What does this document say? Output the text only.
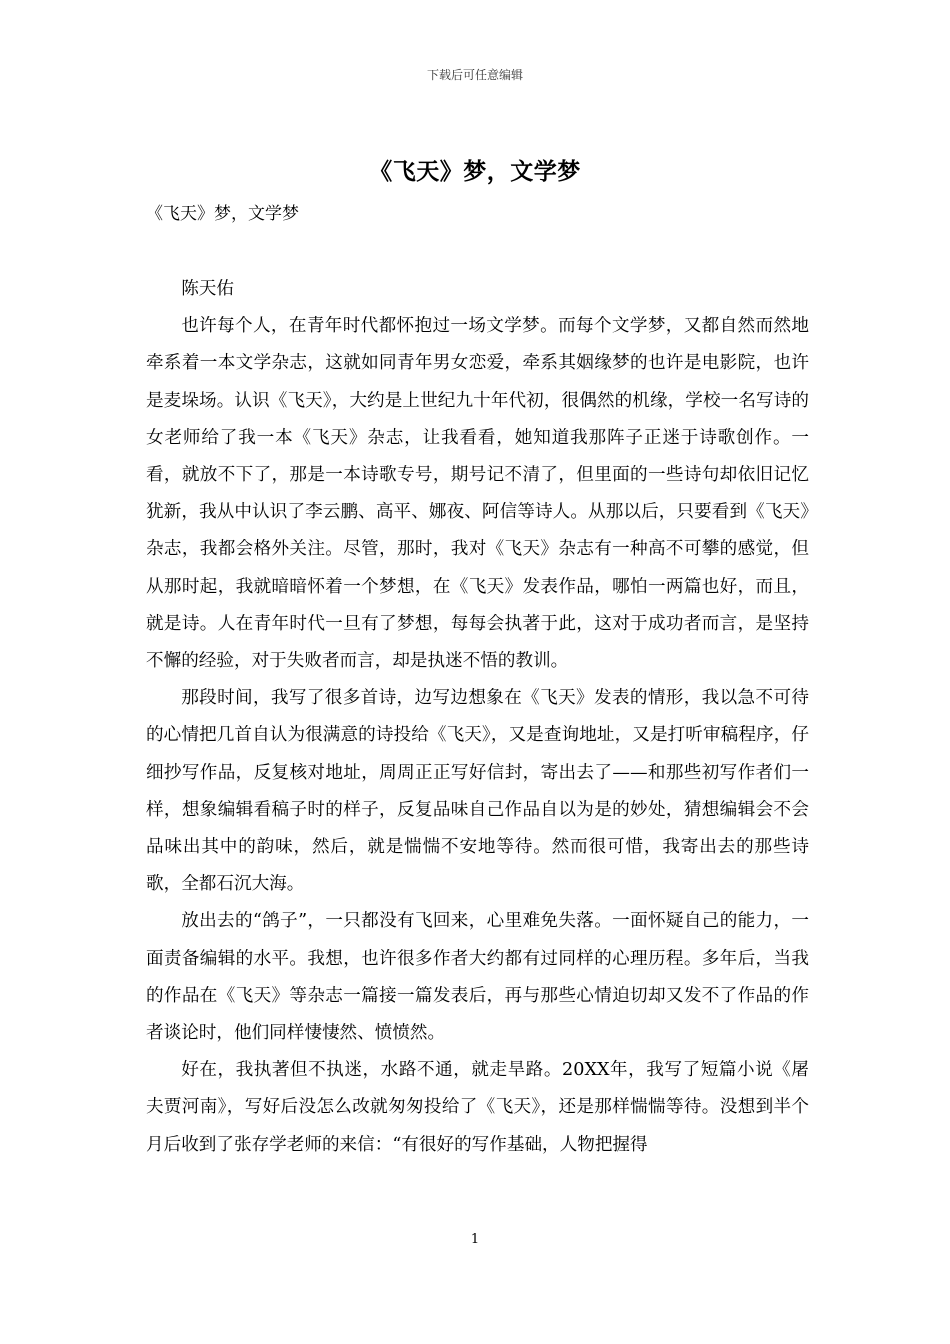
下载后可任意编辑
《飞天》梦，文学梦
《飞天》梦，文学梦

陈天佑

也许每个人，在青年时代都怀抱过一场文学梦。而每个文学梦，又都自然而然地牵系着一本文学杂志，这就如同青年男女恋爱，牵系其姻缘梦的也许是电影院，也许是麦垛场。认识《飞天》，大约是上世纪九十年代初，很偶然的机缘，学校一名写诗的女老师给了我一本《飞天》杂志，让我看看，她知道我那阵子正迷于诗歌创作。一看，就放不下了，那是一本诗歌专号，期号记不清了，但里面的一些诗句却依旧记忆犹新，我从中认识了李云鹏、高平、娜夜、阿信等诗人。从那以后，只要看到《飞天》杂志，我都会格外关注。尽管，那时，我对《飞天》杂志有一种高不可攀的感觉，但从那时起，我就暗暗怀着一个梦想，在《飞天》发表作品，哪怕一两篇也好，而且，就是诗。人在青年时代一旦有了梦想，每每会执著于此，这对于成功者而言，是坚持不懈的经验，对于失败者而言，却是执迷不悟的教训。

那段时间，我写了很多首诗，边写边想象在《飞天》发表的情形，我以急不可待的心情把几首自认为很满意的诗投给《飞天》，又是查询地址，又是打听审稿程序，仔细抄写作品，反复核对地址，周周正正写好信封，寄出去了——和那些初写作者们一样，想象编辑看稿子时的样子，反复品味自己作品自以为是的妙处，猜想编辑会不会品味出其中的韵味，然后，就是惴惴不安地等待。然而很可惜，我寄出去的那些诗歌，全都石沉大海。

放出去的“鸽子”，一只都没有飞回来，心里难免失落。一面怀疑自己的能力，一面责备编辑的水平。我想，也许很多作者大约都有过同样的心理历程。多年后，当我的作品在《飞天》等杂志一篇接一篇发表后，再与那些心情迫切却又发不了作品的作者谈论时，他们同样悽悽然、愤愤然。

好在，我执著但不执迷，水路不通，就走旱路。20XX年，我写了短篇小说《屠夫贾河南》，写好后没怎么改就匆匆投给了《飞天》，还是那样惴惴等待。没想到半个月后收到了张存学老师的来信：“有很好的写作基础，人物把握得

1
